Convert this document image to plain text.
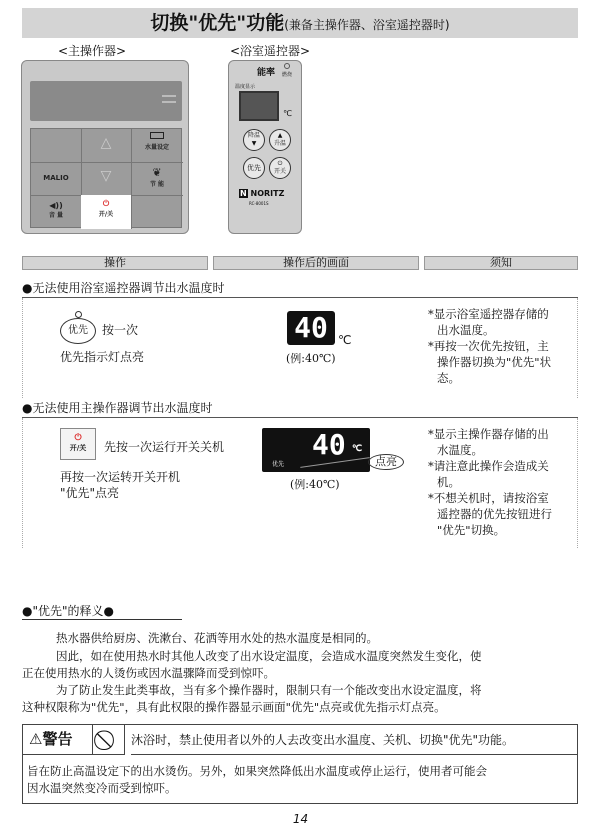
切换"优先"功能(兼备主操作器、浴室遥控器时)
<主操作器>	<浴室遥控器>
△	水量设定
MALIO	▽	❦
节 能
◀))
音 量
⏻
开/关
能率 燃烧
温度显示
℃
降温
▼
▲
升温
优先
⏻
开关
N NORITZ
RC-8001S
操作	操作后的画面	须知
●无法使用浴室遥控器调节出水温度时
优先	按一次
优先指示灯点亮
40 ℃
(例:40℃)
*显示浴室遥控器存储的
出水温度。
*再按一次优先按钮，主
操作器切换为"优先"状
态。
●无法使用主操作器调节出水温度时
⏻
开/关	先按一次运行开关关机
再按一次运转开关开机
"优先"点亮
40 ℃
优先	点亮
(例:40℃)
*显示主操作器存储的出
水温度。
*请注意此操作会造成关
机。
*不想关机时，请按浴室
遥控器的优先按钮进行
"优先"切换。
●"优先"的释义●
热水器供给厨房、洗漱台、花洒等用水处的热水温度是相同的。
因此，如在使用热水时其他人改变了出水设定温度，会造成水温度突然发生变化，使
正在使用热水的人烫伤或因水温骤降而受到惊吓。
为了防止发生此类事故，当有多个操作器时，限制只有一个能改变出水设定温度，将
这种权限称为"优先"，具有此权限的操作器显示画面"优先"点亮或优先指示灯点亮。
⚠警告	沐浴时，禁止使用者以外的人去改变出水温度、关机、切换"优先"功能。
旨在防止高温设定下的出水烫伤。另外，如果突然降低出水温度或停止运行，使用者可能会
因水温突然变冷而受到惊吓。
14
